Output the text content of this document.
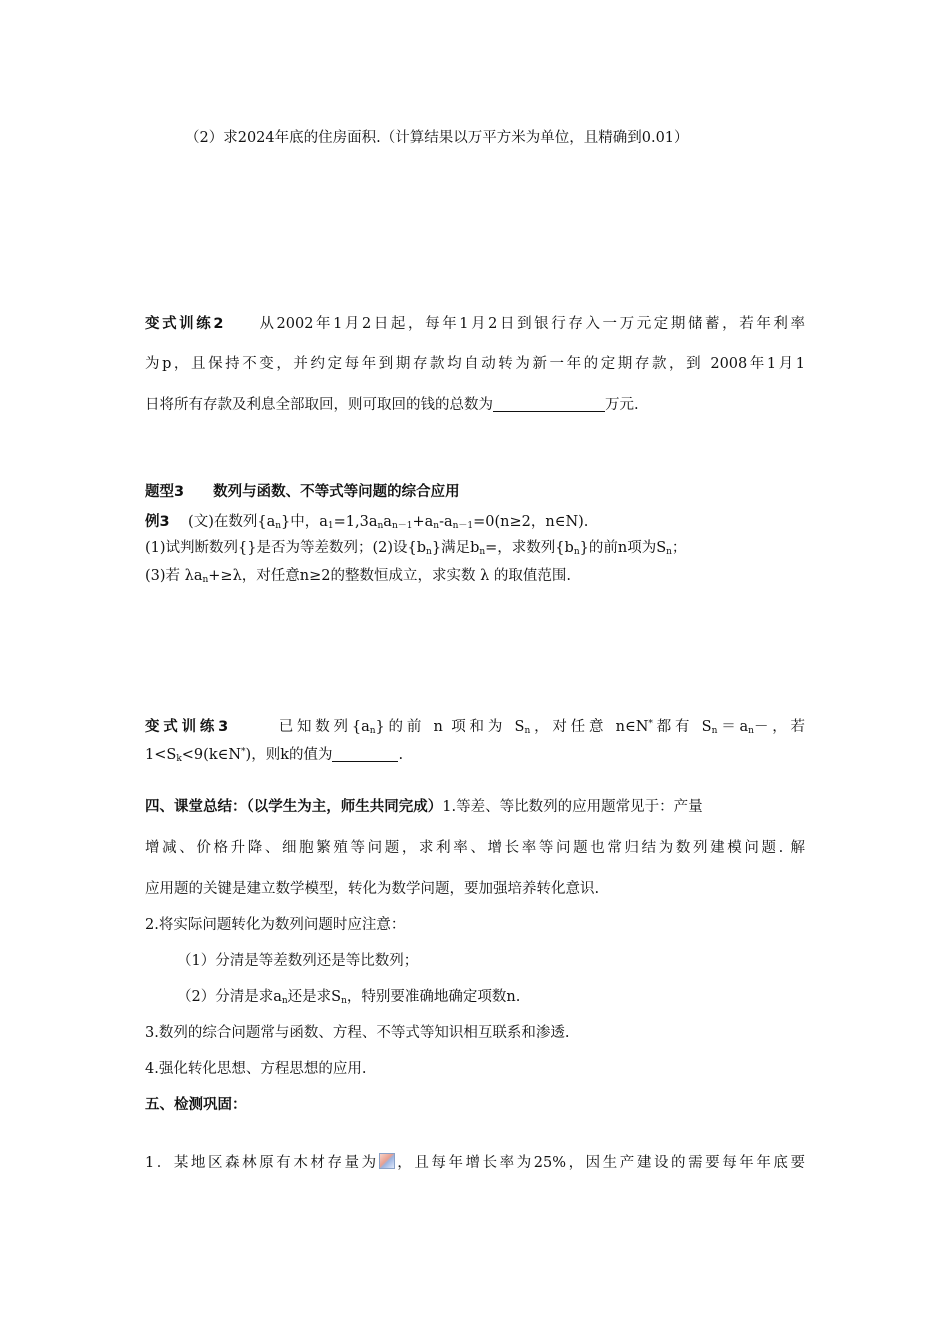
（2）求2024年底的住房面积.（计算结果以万平方米为单位，且精确到0.01）
变式训练2 从2002年1月2日起，每年1月2日到银行存入一万元定期储蓄，若年利率
为p，且保持不变，并约定每年到期存款均自动转为新一年的定期存款，到 2008年1月1
日将所有存款及利息全部取回，则可取回的钱的总数为	万元.
题型3　　数列与函数、不等式等问题的综合应用
例3 (文)在数列$\{a_n\}$中，$a_1=1,3a_na_{n-1}+a_n-a_{n-1}=0(n\ge 2$，n∈N).
(1)试判断数列{}是否为等差数列；(2)设$\{b_n\}$满足$b_n=$，求数列$\{b_n\}$的前n项为$S_n$；
(3)若 $\lambda a_n+\ge\lambda$，对任意n≥2的整数恒成立，求实数 λ 的取值范围.
变式训练3	已知数列$\{a_n\}$的前 n 项和为 $S_n$，对任意 n∈N*都有 $S_n=a_n-$，若
$1<S_k<9(k\in N^*)$，则k的值为	.
四、课堂总结：（以学生为主，师生共同完成）1.等差、等比数列的应用题常见于：产量
增减、价格升降、细胞繁殖等问题，求利率、增长率等问题也常归结为数列建模问题. 解
应用题的关键是建立数学模型，转化为数学问题，要加强培养转化意识.
2.将实际问题转化为数列问题时应注意：
（1）分清是等差数列还是等比数列；
（2）分清是求$a_n$还是求$S_n$，特别要准确地确定项数n.
3.数列的综合问题常与函数、方程、不等式等知识相互联系和渗透.
4.强化转化思想、方程思想的应用.
五、检测巩固：
1．某地区森林原有木材存量为 ，且每年增长率为25%，因生产建设的需要每年年底要
